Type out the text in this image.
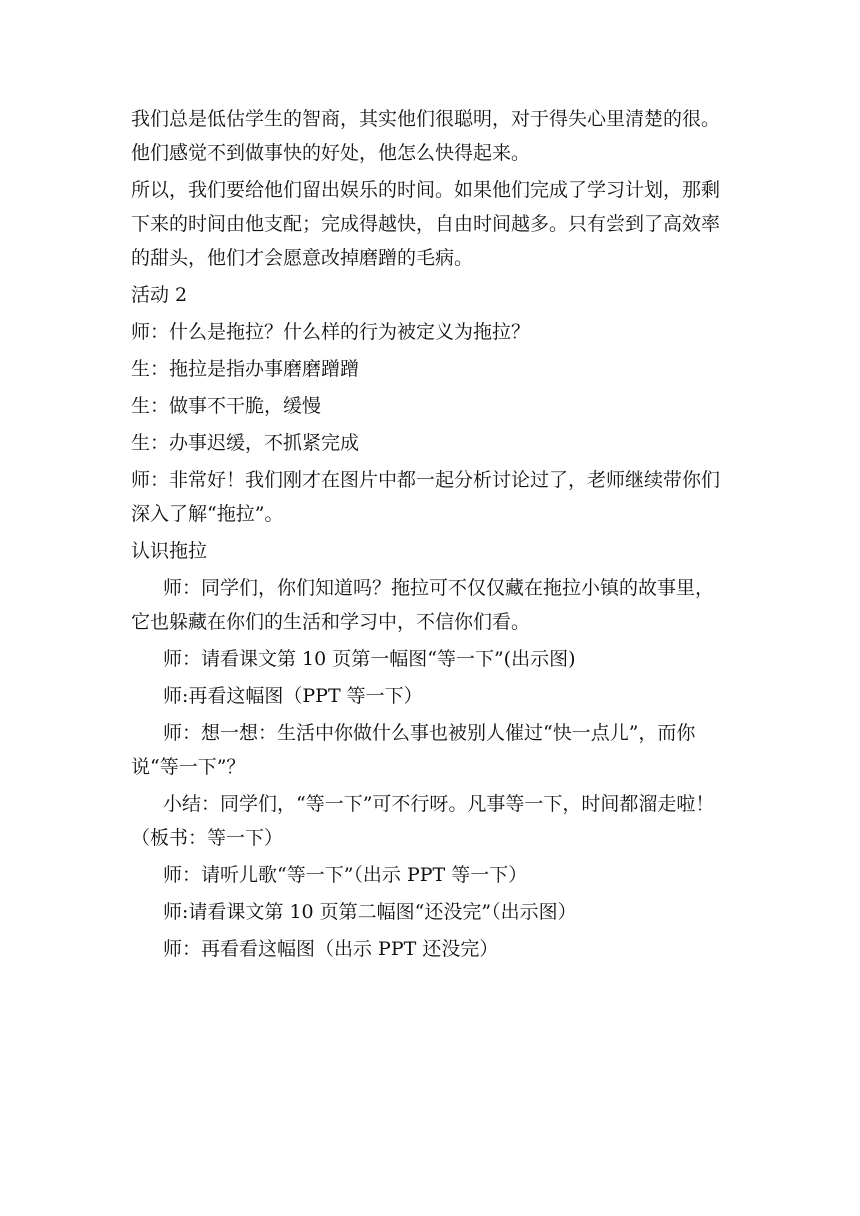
我们总是低估学生的智商，其实他们很聪明，对于得失心里清楚的很。他们感觉不到做事快的好处，他怎么快得起来。

所以，我们要给他们留出娱乐的时间。如果他们完成了学习计划，那剩下来的时间由他支配；完成得越快，自由时间越多。只有尝到了高效率的甜头，他们才会愿意改掉磨蹭的毛病。

活动 2

师：什么是拖拉？什么样的行为被定义为拖拉？

生：拖拉是指办事磨磨蹭蹭

生：做事不干脆，缓慢

生：办事迟缓，不抓紧完成

师：非常好！我们刚才在图片中都一起分析讨论过了，老师继续带你们深入了解“拖拉”。

认识拖拉

师：同学们，你们知道吗？拖拉可不仅仅藏在拖拉小镇的故事里，它也躲藏在你们的生活和学习中，不信你们看。

师：请看课文第 10 页第一幅图“等一下”(出示图)

师:再看这幅图（PPT 等一下）

师：想一想：生活中你做什么事也被别人催过“快一点儿”，而你说“等一下”？

小结：同学们，“等一下”可不行呀。凡事等一下，时间都溜走啦！（板书：等一下）

师：请听儿歌“等一下”（出示 PPT 等一下）

师:请看课文第 10 页第二幅图“还没完”（出示图）

师：再看看这幅图（出示 PPT 还没完）
